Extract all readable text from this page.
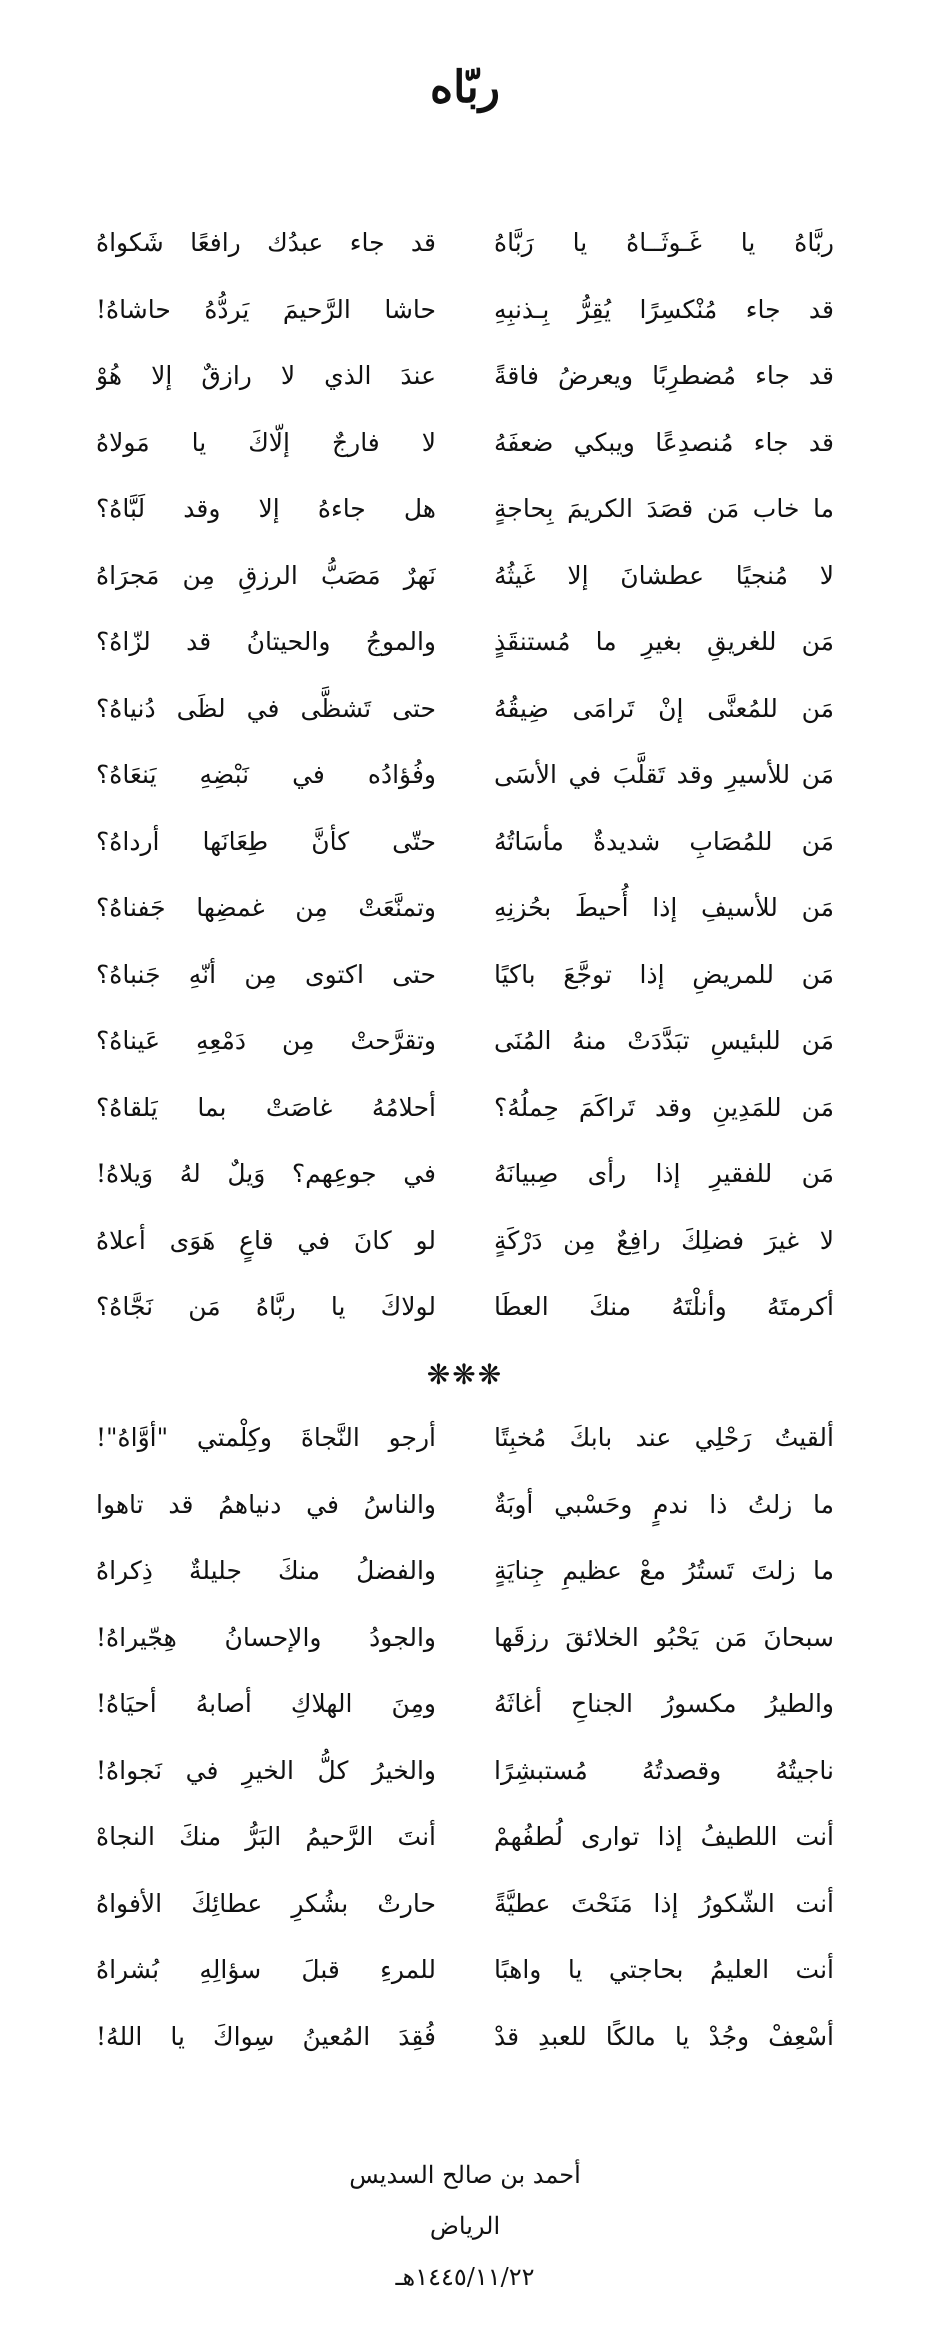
ربّاه
ربَّاهُ يا غَـوثَــاهُ يا رَبَّاهُ
قد جاء عبدُك رافعًا شَكواهُ
قد جاء مُنْكسِرًا يُقِرُّ بِـذنبِهِ
حاشا الرَّحيمَ يَردُّهُ حاشاهُ!
قد جاء مُضطرِبًا ويعرضُ فاقةً
عندَ الذي لا رازقٌ إلا هُوْ
قد جاء مُنصدِعًا ويبكي ضعفَهُ
لا فارجٌ إلّاكَ يا مَولاهُ
ما خاب مَن قصَدَ الكريمَ بِحاجةٍ
هل جاءهُ إلا وقد لَبَّاهُ؟
لا مُنجيًا عطشانَ إلا غَيثُهُ
نَهرٌ مَصَبُّ الرزقِ مِن مَجرَاهُ
مَن للغريقِ بغيرِ ما مُستنقَذٍ
والموجُ والحيتانُ قد لزّاهُ؟
مَن للمُعنَّى إنْ تَرامَى ضِيقُهُ
حتى تَشظَّى في لظَى دُنياهُ؟
مَن للأسيرِ وقد تَقلَّبَ في الأسَى
وفُؤادُه في نَبْضِهِ يَنعَاهُ؟
مَن للمُصَابِ شديدةٌ مأسَاتُهُ
حتّى كأنَّ طِعَانَها أرداهُ؟
مَن للأسيفِ إذا أُحيطَ بحُزنِهِ
وتمنَّعَتْ مِن غمضِها جَفناهُ؟
مَن للمريضِ إذا توجَّعَ باكيًا
حتى اكتوى مِن أنّهِ جَنباهُ؟
مَن للبئيسِ تبَدَّدَتْ منهُ المُنَى
وتقرَّحتْ مِن دَمْعِهِ عَيناهُ؟
مَن للمَدِينِ وقد تَراكَمَ حِملُهُ؟
أحلامُهُ غاصَتْ بما يَلقاهُ؟
مَن للفقيرِ إذا رأى صِبيانَهُ
في جوعِهم؟ وَيلٌ لهُ وَيلاهُ!
لا غيرَ فضلِكَ رافِعٌ مِن دَرْكَةٍ
لو كانَ في قاعٍ هَوَى أعلاهُ
أكرمتَهُ وأنلْتَهُ منكَ العطَا
لولاكَ يا ربَّاهُ مَن نَجَّاهُ؟
❋❋❋
ألقيتُ رَحْلِي عند بابكَ مُخبِتًا
أرجو النَّجاةَ وكِلْمتي "أوَّاهُ"!
ما زلتُ ذا ندمٍ وحَسْبي أوبَةٌ
والناسُ في دنياهمُ قد تاهوا
ما زلتَ تَستُرُ معْ عظيمِ جِنايَةٍ
والفضلُ منكَ جليلةٌ ذِكراهُ
سبحانَ مَن يَحْبُو الخلائقَ رزقَها
والجودُ والإحسانُ هِجّيراهُ!
والطيرُ مكسورُ الجناحِ أغاثَهُ
ومِنَ الهلاكِ أصابهُ أحيَاهُ!
ناجيتُهُ وقصدتُهُ مُستبشِرًا
والخيرُ كلُّ الخيرِ في نَجواهُ!
أنت اللطيفُ إذا توارى لُطفُهمْ
أنتَ الرَّحيمُ البَرُّ منكَ النجاهْ
أنت الشّكورُ إذا مَنَحْتَ عطيَّةً
حارتْ بشُكرِ عطائِكَ الأفواهُ
أنت العليمُ بحاجتي يا واهبًا
للمرءِ قبلَ سؤالِهِ بُشراهُ
أسْعِفْ وجُدْ يا مالكًا للعبدِ قدْ
فُقِدَ المُعينُ سِواكَ يا اللهُ!
أحمد بن صالح السديس
الرياض
١٤٤٥/١١/٢٢هـ
